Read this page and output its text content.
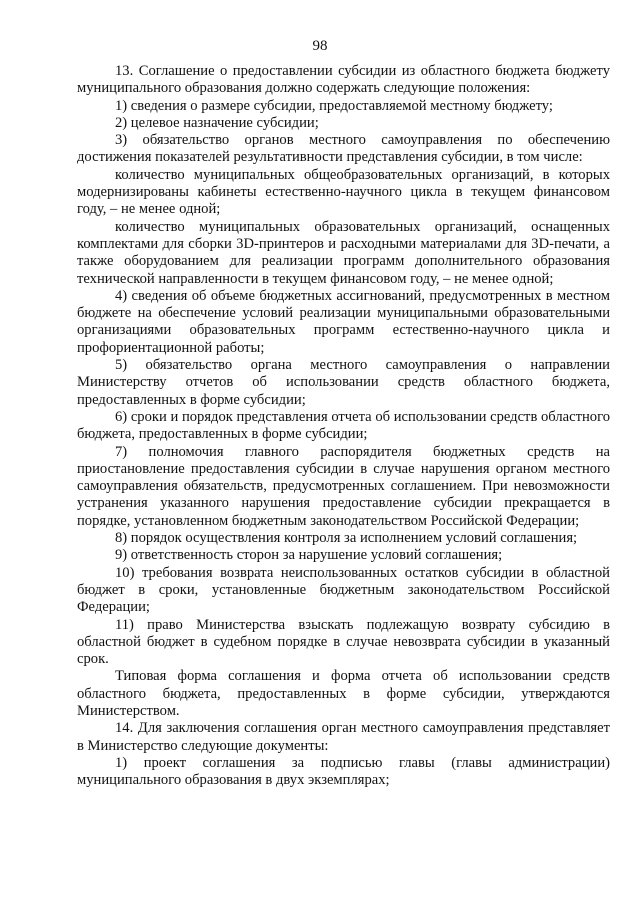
98

13. Соглашение о предоставлении субсидии из областного бюджета бюджету муниципального образования должно содержать следующие положения:

1) сведения о размере субсидии, предоставляемой местному бюджету;

2) целевое назначение субсидии;

3) обязательство органов местного самоуправления по обеспечению достижения показателей результативности представления субсидии, в том числе:

количество муниципальных общеобразовательных организаций, в которых модернизированы кабинеты естественно-научного цикла в текущем финансовом году, – не менее одной;

количество муниципальных образовательных организаций, оснащенных комплектами для сборки 3D-принтеров и расходными материалами для 3D-печати, а также оборудованием для реализации программ дополнительного образования технической направленности в текущем финансовом году, – не менее одной;

4) сведения об объеме бюджетных ассигнований, предусмотренных в местном бюджете на обеспечение условий реализации муниципальными образовательными организациями образовательных программ естественно-научного цикла и профориентационной работы;

5) обязательство органа местного самоуправления о направлении Министерству отчетов об использовании средств областного бюджета, предоставленных в форме субсидии;

6) сроки и порядок представления отчета об использовании средств областного бюджета, предоставленных в форме субсидии;

7) полномочия главного распорядителя бюджетных средств на приостановление предоставления субсидии в случае нарушения органом местного самоуправления обязательств, предусмотренных соглашением. При невозможности устранения указанного нарушения предоставление субсидии прекращается в порядке, установленном бюджетным законодательством Российской Федерации;

8) порядок осуществления контроля за исполнением условий соглашения;

9) ответственность сторон за нарушение условий соглашения;

10) требования возврата неиспользованных остатков субсидии в областной бюджет в сроки, установленные бюджетным законодательством Российской Федерации;

11) право Министерства взыскать подлежащую возврату субсидию в областной бюджет в судебном порядке в случае невозврата субсидии в указанный срок.

Типовая форма соглашения и форма отчета об использовании средств областного бюджета, предоставленных в форме субсидии, утверждаются Министерством.

14. Для заключения соглашения орган местного самоуправления представляет в Министерство следующие документы:

1) проект соглашения за подписью главы (главы администрации) муниципального образования в двух экземплярах;
